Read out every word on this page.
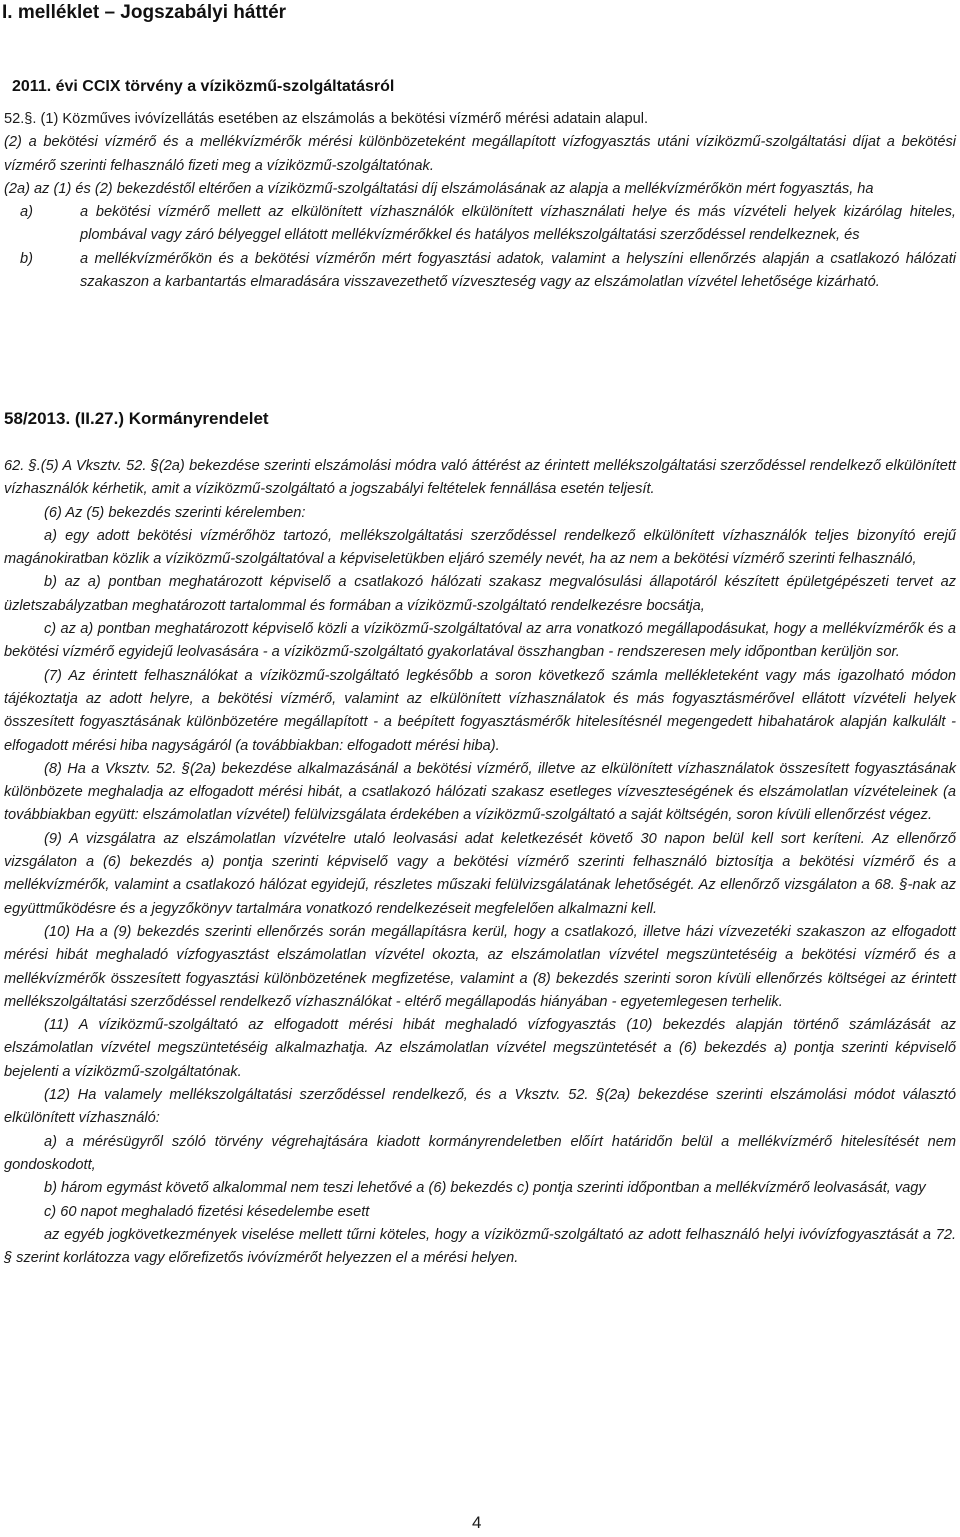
I. melléklet – Jogszabályi háttér
2011. évi CCIX törvény a víziközmű-szolgáltatásról

52.§. (1) Közműves ivóvízellátás esetében az elszámolás a bekötési vízmérő mérési adatain alapul.

(2) a bekötési vízmérő és a mellékvízmérők mérési különbözeteként megállapított vízfogyasztás utáni víziközmű-szolgáltatási díjat a bekötési vízmérő szerinti felhasználó fizeti meg a víziközmű-szolgáltatónak.

(2a) az (1) és (2) bekezdéstől eltérően a víziközmű-szolgáltatási díj elszámolásának az alapja a mellékvízmérőkön mért fogyasztás, ha

a)	a bekötési vízmérő mellett az elkülönített vízhasználók elkülönített vízhasználati helye és más vízvételi helyek kizárólag hiteles, plombával vagy záró bélyeggel ellátott mellékvízmérőkkel és hatályos mellékszolgáltatási szerződéssel rendelkeznek, és
b)	a mellékvízmérőkön és a bekötési vízmérőn mért fogyasztási adatok, valamint a helyszíni ellenőrzés alapján a csatlakozó hálózati szakaszon a karbantartás elmaradására visszavezethető vízveszteség vagy az elszámolatlan vízvétel lehetősége kizárható.
58/2013. (II.27.) Kormányrendelet

62. §.(5) A Vksztv. 52. §(2a) bekezdése szerinti elszámolási módra való áttérést az érintett mellékszolgáltatási szerződéssel rendelkező elkülönített vízhasználók kérhetik, amit a víziközmű-szolgáltató a jogszabályi feltételek fennállása esetén teljesít.

(6) Az (5) bekezdés szerinti kérelemben:

a) egy adott bekötési vízmérőhöz tartozó, mellékszolgáltatási szerződéssel rendelkező elkülönített vízhasználók teljes bizonyító erejű magánokiratban közlik a víziközmű-szolgáltatóval a képviseletükben eljáró személy nevét, ha az nem a bekötési vízmérő szerinti felhasználó,

b) az a) pontban meghatározott képviselő a csatlakozó hálózati szakasz megvalósulási állapotáról készített épületgépészeti tervet az üzletszabályzatban meghatározott tartalommal és formában a víziközmű-szolgáltató rendelkezésre bocsátja,

c) az a) pontban meghatározott képviselő közli a víziközmű-szolgáltatóval az arra vonatkozó megállapodásukat, hogy a mellékvízmérők és a bekötési vízmérő egyidejű leolvasására - a víziközmű-szolgáltató gyakorlatával összhangban - rendszeresen mely időpontban kerüljön sor.

(7) Az érintett felhasználókat a víziközmű-szolgáltató legkésőbb a soron következő számla mellékleteként vagy más igazolható módon tájékoztatja az adott helyre, a bekötési vízmérő, valamint az elkülönített vízhasználatok és más fogyasztásmérővel ellátott vízvételi helyek összesített fogyasztásának különbözetére megállapított - a beépített fogyasztásmérők hitelesítésnél megengedett hibahatárok alapján kalkulált - elfogadott mérési hiba nagyságáról (a továbbiakban: elfogadott mérési hiba).

(8) Ha a Vksztv. 52. §(2a) bekezdése alkalmazásánál a bekötési vízmérő, illetve az elkülönített vízhasználatok összesített fogyasztásának különbözete meghaladja az elfogadott mérési hibát, a csatlakozó hálózati szakasz esetleges vízveszteségének és elszámolatlan vízvételeinek (a továbbiakban együtt: elszámolatlan vízvétel) felülvizsgálata érdekében a víziközmű-szolgáltató a saját költségén, soron kívüli ellenőrzést végez.

(9) A vizsgálatra az elszámolatlan vízvételre utaló leolvasási adat keletkezését követő 30 napon belül kell sort keríteni. Az ellenőrző vizsgálaton a (6) bekezdés a) pontja szerinti képviselő vagy a bekötési vízmérő szerinti felhasználó biztosítja a bekötési vízmérő és a mellékvízmérők, valamint a csatlakozó hálózat egyidejű, részletes műszaki felülvizsgálatának lehetőségét. Az ellenőrző vizsgálaton a 68. §-nak az együttműködésre és a jegyzőkönyv tartalmára vonatkozó rendelkezéseit megfelelően alkalmazni kell.

(10) Ha a (9) bekezdés szerinti ellenőrzés során megállapításra kerül, hogy a csatlakozó, illetve házi vízvezetéki szakaszon az elfogadott mérési hibát meghaladó vízfogyasztást elszámolatlan vízvétel okozta, az elszámolatlan vízvétel megszüntetéséig a bekötési vízmérő és a mellékvízmérők összesített fogyasztási különbözetének megfizetése, valamint a (8) bekezdés szerinti soron kívüli ellenőrzés költségei az érintett mellékszolgáltatási szerződéssel rendelkező vízhasználókat - eltérő megállapodás hiányában - egyetemlegesen terhelik.

(11) A víziközmű-szolgáltató az elfogadott mérési hibát meghaladó vízfogyasztás (10) bekezdés alapján történő számlázását az elszámolatlan vízvétel megszüntetéséig alkalmazhatja. Az elszámolatlan vízvétel megszüntetését a (6) bekezdés a) pontja szerinti képviselő bejelenti a víziközmű-szolgáltatónak.

(12) Ha valamely mellékszolgáltatási szerződéssel rendelkező, és a Vksztv. 52. §(2a) bekezdése szerinti elszámolási módot választó elkülönített vízhasználó:

a) a mérésügyről szóló törvény végrehajtására kiadott kormányrendeletben előírt határidőn belül a mellékvízmérő hitelesítését nem gondoskodott,

b) három egymást követő alkalommal nem teszi lehetővé a (6) bekezdés c) pontja szerinti időpontban a mellékvízmérő leolvasását, vagy

c) 60 napot meghaladó fizetési késedelembe esett

az egyéb jogkövetkezmények viselése mellett tűrni köteles, hogy a víziközmű-szolgáltató az adott felhasználó helyi ivóvízfogyasztását a 72. § szerint korlátozza vagy előrefizetős ivóvízmérőt helyezzen el a mérési helyen.

4
